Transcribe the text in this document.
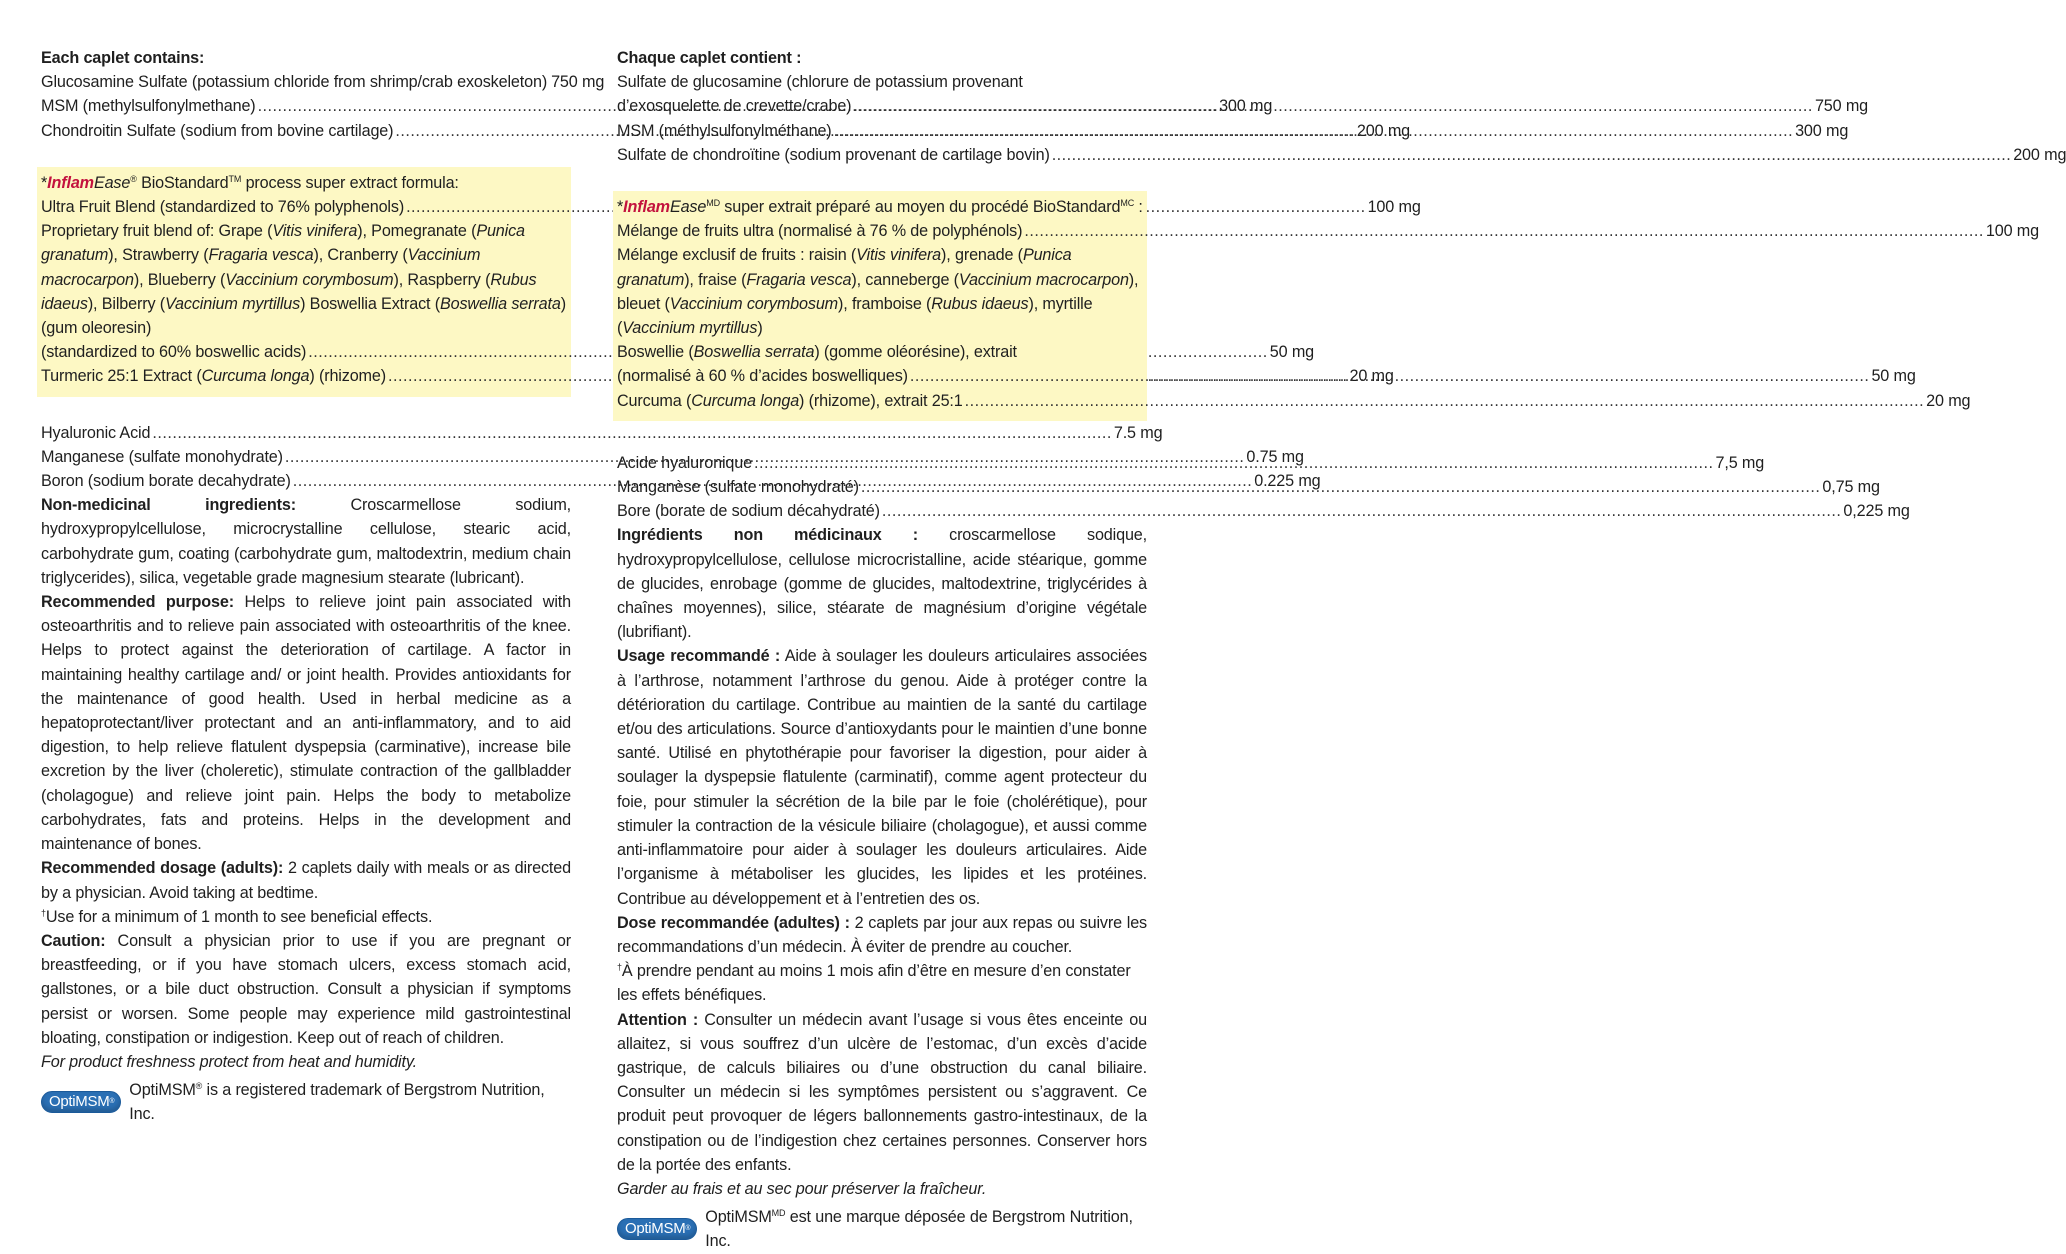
Each caplet contains:
Glucosamine Sulfate (potassium chloride from shrimp/crab exoskeleton) 750 mg
MSM (methylsulfonylmethane) .....	300 mg
Chondroitin Sulfate (sodium from bovine cartilage) .....	200 mg
*InflamEase® BioStandard™ process super extract formula:
Ultra Fruit Blend (standardized to 76% polyphenols) .....	100 mg
Proprietary fruit blend of: Grape (Vitis vinifera), Pomegranate (Punica granatum), Strawberry (Fragaria vesca), Cranberry (Vaccinium macrocarpon), Blueberry (Vaccinium corymbosum), Raspberry (Rubus idaeus), Bilberry (Vaccinium myrtillus) Boswellia Extract (Boswellia serrata) (gum oleoresin)
(standardized to 60% boswellic acids) .....	50 mg
Turmeric 25:1 Extract (Curcuma longa) (rhizome) .....	20 mg
Hyaluronic Acid .....	7.5 mg
Manganese (sulfate monohydrate) .....	0.75 mg
Boron (sodium borate decahydrate) .....	0.225 mg
Non-medicinal ingredients: Croscarmellose sodium, hydroxypropylcellulose, microcrystalline cellulose, stearic acid, carbohydrate gum, coating (carbohydrate gum, maltodextrin, medium chain triglycerides), silica, vegetable grade magnesium stearate (lubricant).
Recommended purpose: Helps to relieve joint pain associated with osteoarthritis and to relieve pain associated with osteoarthritis of the knee. Helps to protect against the deterioration of cartilage. A factor in maintaining healthy cartilage and/ or joint health. Provides antioxidants for the maintenance of good health. Used in herbal medicine as a hepatoprotectant/liver protectant and an anti-inflammatory, and to aid digestion, to help relieve flatulent dyspepsia (carminative), increase bile excretion by the liver (choleretic), stimulate contraction of the gallbladder (cholagogue) and relieve joint pain. Helps the body to metabolize carbohydrates, fats and proteins. Helps in the development and maintenance of bones.
Recommended dosage (adults): 2 caplets daily with meals or as directed by a physician. Avoid taking at bedtime.
†Use for a minimum of 1 month to see beneficial effects.
Caution: Consult a physician prior to use if you are pregnant or breastfeeding, or if you have stomach ulcers, excess stomach acid, gallstones, or a bile duct obstruction. Consult a physician if symptoms persist or worsen. Some people may experience mild gastrointestinal bloating, constipation or indigestion. Keep out of reach of children.
For product freshness protect from heat and humidity.
OptiMSM ®
OptiMSM® is a registered trademark of Bergstrom Nutrition, Inc.
Chaque caplet contient :
Sulfate de glucosamine (chlorure de potassium provenant
d’exosquelette de crevette/crabe) .....	750 mg
MSM (méthylsulfonylméthane) .....	300 mg
Sulfate de chondroïtine (sodium provenant de cartilage bovin) .....	200 mg
*InflamEase$^{MD}$ super extrait préparé au moyen du procédé BioStandard$^{MC}$ :
Mélange de fruits ultra (normalisé à 76 % de polyphénols) .....	100 mg
Mélange exclusif de fruits : raisin (Vitis vinifera), grenade (Punica granatum), fraise (Fragaria vesca), canneberge (Vaccinium macrocarpon), bleuet (Vaccinium corymbosum), framboise (Rubus idaeus), myrtille (Vaccinium myrtillus)
Boswellie (Boswellia serrata) (gomme oléorésine), extrait
(normalisé à 60 % d’acides boswelliques) .....	50 mg
Curcuma (Curcuma longa) (rhizome), extrait 25:1 .....	20 mg
Acide hyaluronique .....	7,5 mg
Manganèse (sulfate monohydraté) .....	0,75 mg
Bore (borate de sodium décahydraté) .....	0,225 mg
Ingrédients non médicinaux : croscarmellose sodique, hydroxypropylcellulose, cellulose microcristalline, acide stéarique, gomme de glucides, enrobage (gomme de glucides, maltodextrine, triglycérides à chaînes moyennes), silice, stéarate de magnésium d’origine végétale (lubrifiant).
Usage recommandé : Aide à soulager les douleurs articulaires associées à l’arthrose, notamment l’arthrose du genou. Aide à protéger contre la détérioration du cartilage. Contribue au maintien de la santé du cartilage et/ou des articulations. Source d’antioxydants pour le maintien d’une bonne santé. Utilisé en phytothérapie pour favoriser la digestion, pour aider à soulager la dyspepsie flatulente (carminatif), comme agent protecteur du foie, pour stimuler la sécrétion de la bile par le foie (cholérétique), pour stimuler la contraction de la vésicule biliaire (cholagogue), et aussi comme anti-inflammatoire pour aider à soulager les douleurs articulaires. Aide l’organisme à métaboliser les glucides, les lipides et les protéines. Contribue au développement et à l’entretien des os.
Dose recommandée (adultes) : 2 caplets par jour aux repas ou suivre les recommandations d’un médecin. À éviter de prendre au coucher.
†À prendre pendant au moins 1 mois afin d’être en mesure d’en constater les effets bénéfiques.
Attention : Consulter un médecin avant l’usage si vous êtes enceinte ou allaitez, si vous souffrez d’un ulcère de l’estomac, d’un excès d’acide gastrique, de calculs biliaires ou d’une obstruction du canal biliaire. Consulter un médecin si les symptômes persistent ou s’aggravent. Ce produit peut provoquer de légers ballonnements gastro-intestinaux, de la constipation ou de l’indigestion chez certaines personnes. Conserver hors de la portée des enfants.
Garder au frais et au sec pour préserver la fraîcheur.
OptiMSM ®
OptiMSM$^{MD}$ est une marque déposée de Bergstrom Nutrition, Inc.
